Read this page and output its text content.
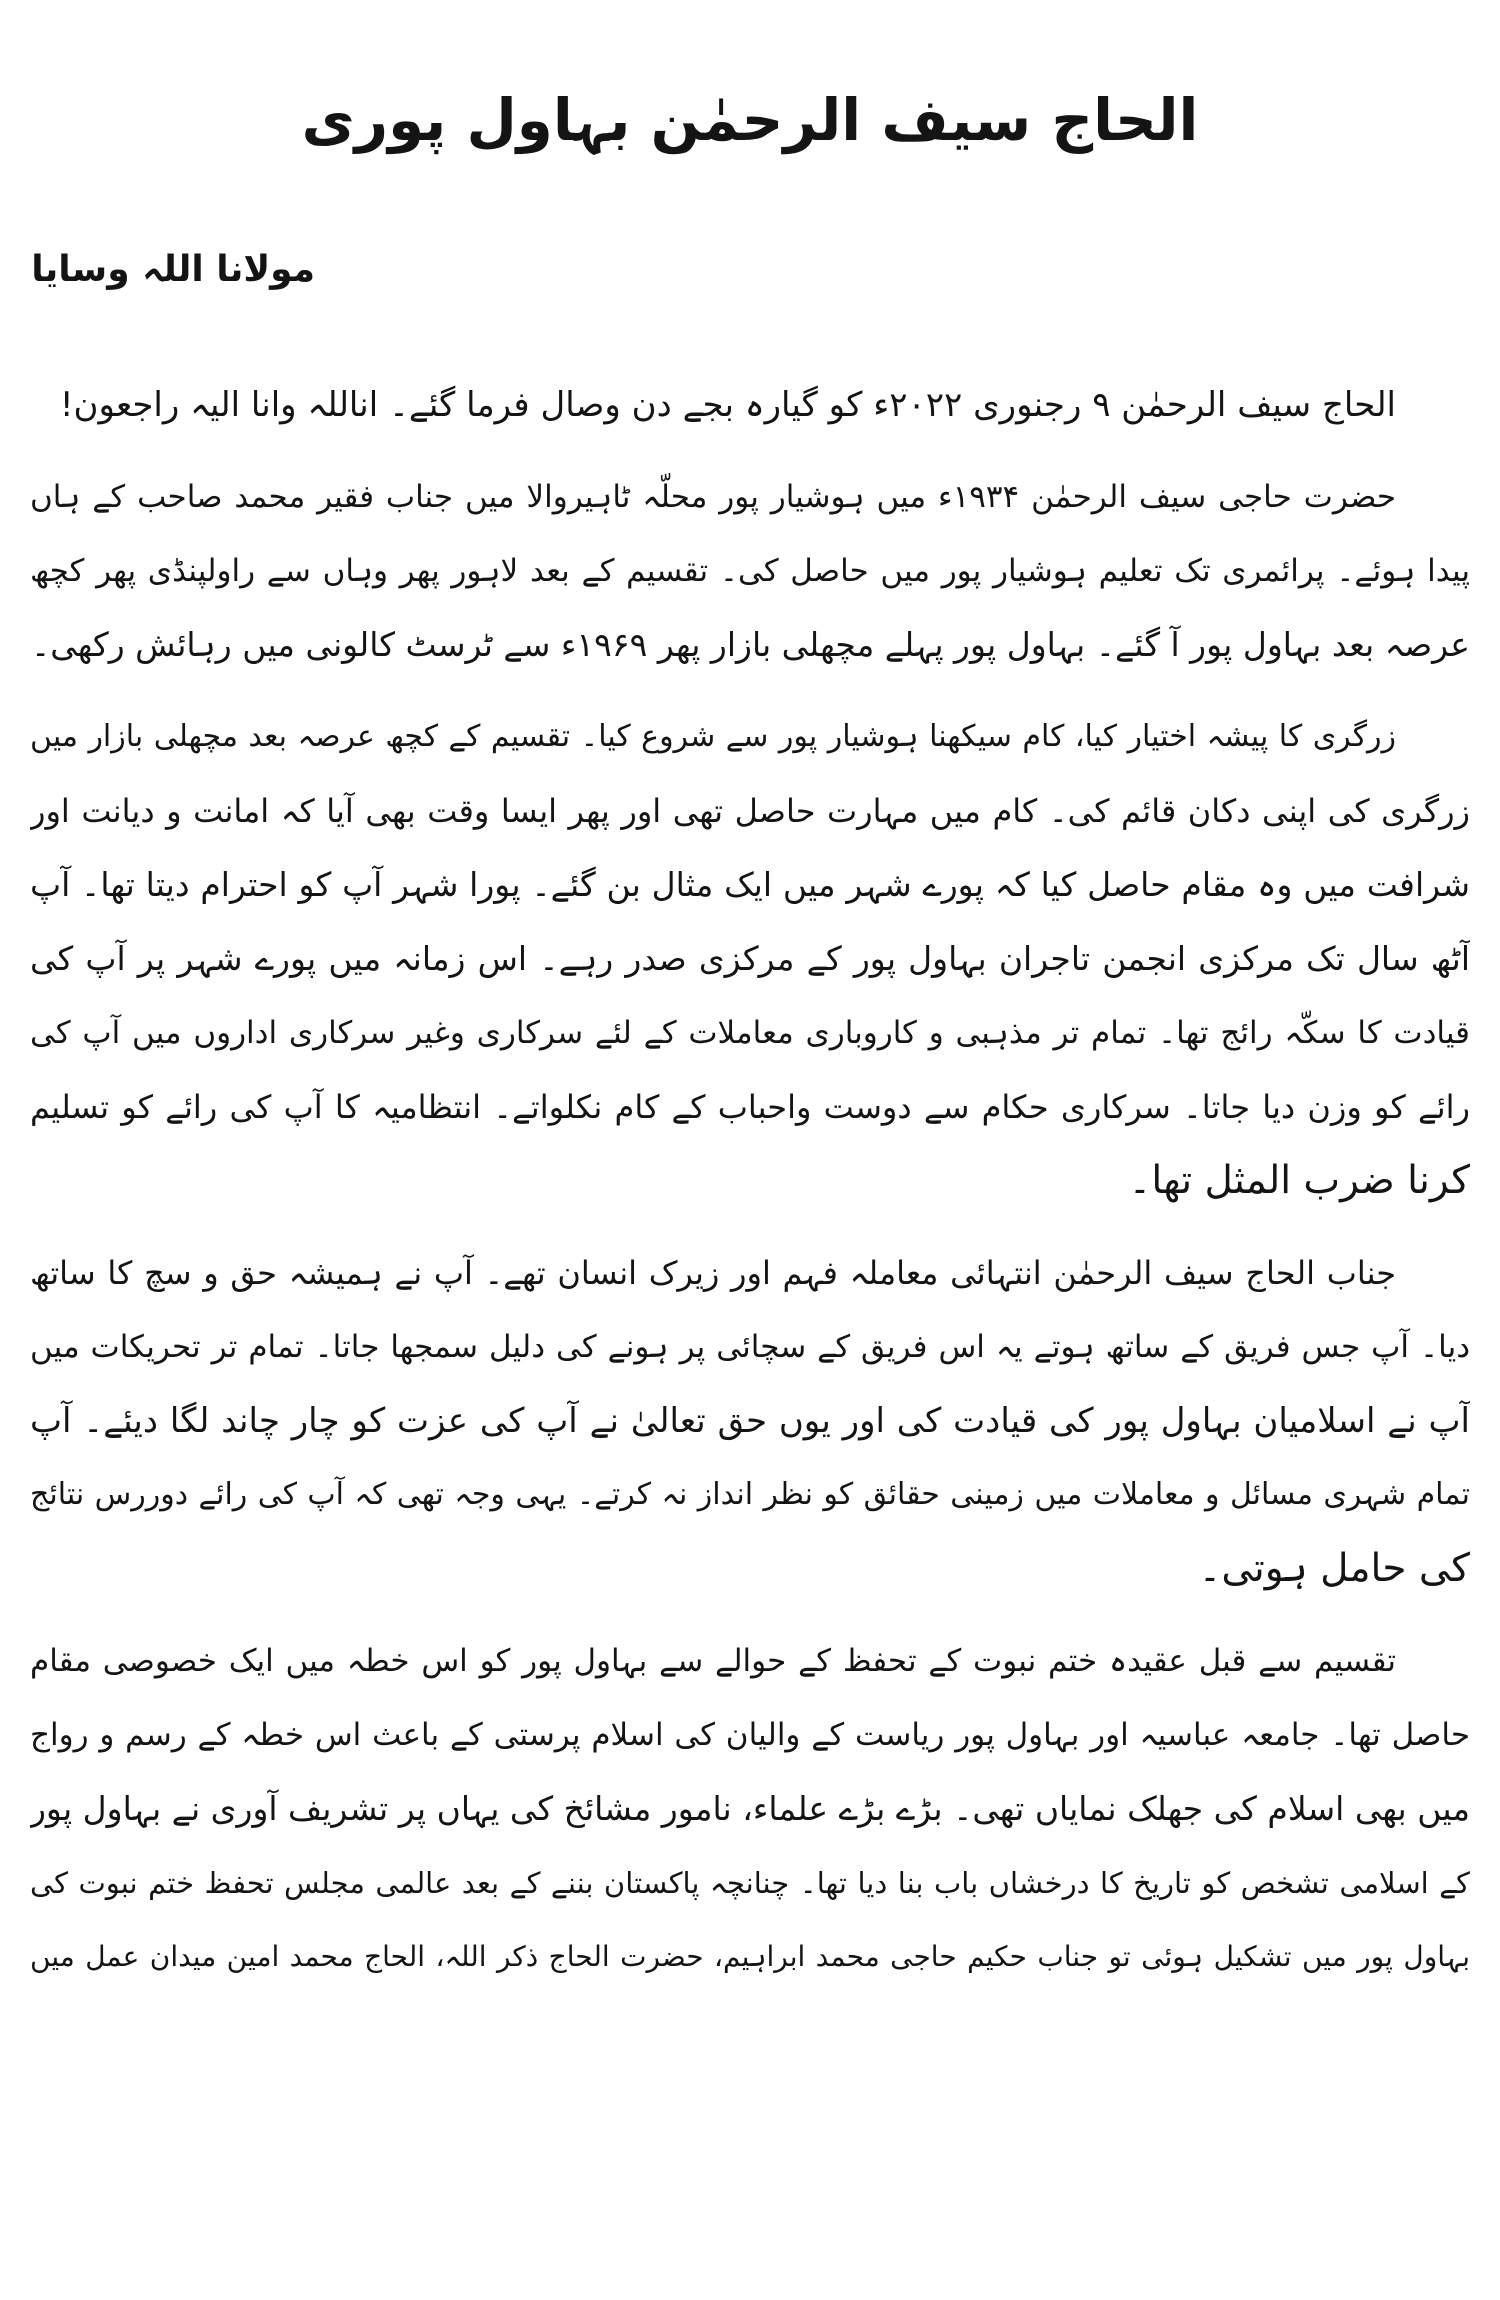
الحاج سیف الرحمٰن بہاول پوری
مولانا اللہ وسایا
الحاج سیف الرحمٰن ۹ رجنوری ۲۰۲۲ء کو گیارہ بجے دن وصال فرما گئے۔ اناللہ وانا الیہ راجعون!
حضرت حاجی سیف الرحمٰن ۱۹۳۴ء میں ہوشیار پور محلّہ ٹاہیروالا میں جناب فقیر محمد صاحب کے ہاں
پیدا ہوئے۔ پرائمری تک تعلیم ہوشیار پور میں حاصل کی۔ تقسیم کے بعد لاہور پھر وہاں سے راولپنڈی پھر کچھ
عرصہ بعد بہاول پور آ گئے۔ بہاول پور پہلے مچھلی بازار پھر ۱۹۶۹ء سے ٹرسٹ کالونی میں رہائش رکھی۔
زرگری کا پیشہ اختیار کیا، کام سیکھنا ہوشیار پور سے شروع کیا۔ تقسیم کے کچھ عرصہ بعد مچھلی بازار میں
زرگری کی اپنی دکان قائم کی۔ کام میں مہارت حاصل تھی اور پھر ایسا وقت بھی آیا کہ امانت و دیانت اور
شرافت میں وہ مقام حاصل کیا کہ پورے شہر میں ایک مثال بن گئے۔ پورا شہر آپ کو احترام دیتا تھا۔ آپ
آٹھ سال تک مرکزی انجمن تاجران بہاول پور کے مرکزی صدر رہے۔ اس زمانہ میں پورے شہر پر آپ کی
قیادت کا سکّہ رائج تھا۔ تمام تر مذہبی و کاروباری معاملات کے لئے سرکاری وغیر سرکاری اداروں میں آپ کی
رائے کو وزن دیا جاتا۔ سرکاری حکام سے دوست واحباب کے کام نکلواتے۔ انتظامیہ کا آپ کی رائے کو تسلیم
کرنا ضرب المثل تھا۔
جناب الحاج سیف الرحمٰن انتہائی معاملہ فہم اور زیرک انسان تھے۔ آپ نے ہمیشہ حق و سچ کا ساتھ
دیا۔ آپ جس فریق کے ساتھ ہوتے یہ اس فریق کے سچائی پر ہونے کی دلیل سمجھا جاتا۔ تمام تر تحریکات میں
آپ نے اسلامیان بہاول پور کی قیادت کی اور یوں حق تعالیٰ نے آپ کی عزت کو چار چاند لگا دیئے۔ آپ
تمام شہری مسائل و معاملات میں زمینی حقائق کو نظر انداز نہ کرتے۔ یہی وجہ تھی کہ آپ کی رائے دوررس نتائج
کی حامل ہوتی۔
تقسیم سے قبل عقیدہ ختم نبوت کے تحفظ کے حوالے سے بہاول پور کو اس خطہ میں ایک خصوصی مقام
حاصل تھا۔ جامعہ عباسیہ اور بہاول پور ریاست کے والیان کی اسلام پرستی کے باعث اس خطہ کے رسم و رواج
میں بھی اسلام کی جھلک نمایاں تھی۔ بڑے بڑے علماء، نامور مشائخ کی یہاں پر تشریف آوری نے بہاول پور
کے اسلامی تشخص کو تاریخ کا درخشاں باب بنا دیا تھا۔ چنانچہ پاکستان بننے کے بعد عالمی مجلس تحفظ ختم نبوت کی
بہاول پور میں تشکیل ہوئی تو جناب حکیم حاجی محمد ابراہیم، حضرت الحاج ذکر اللہ، الحاج محمد امین میدان عمل میں
